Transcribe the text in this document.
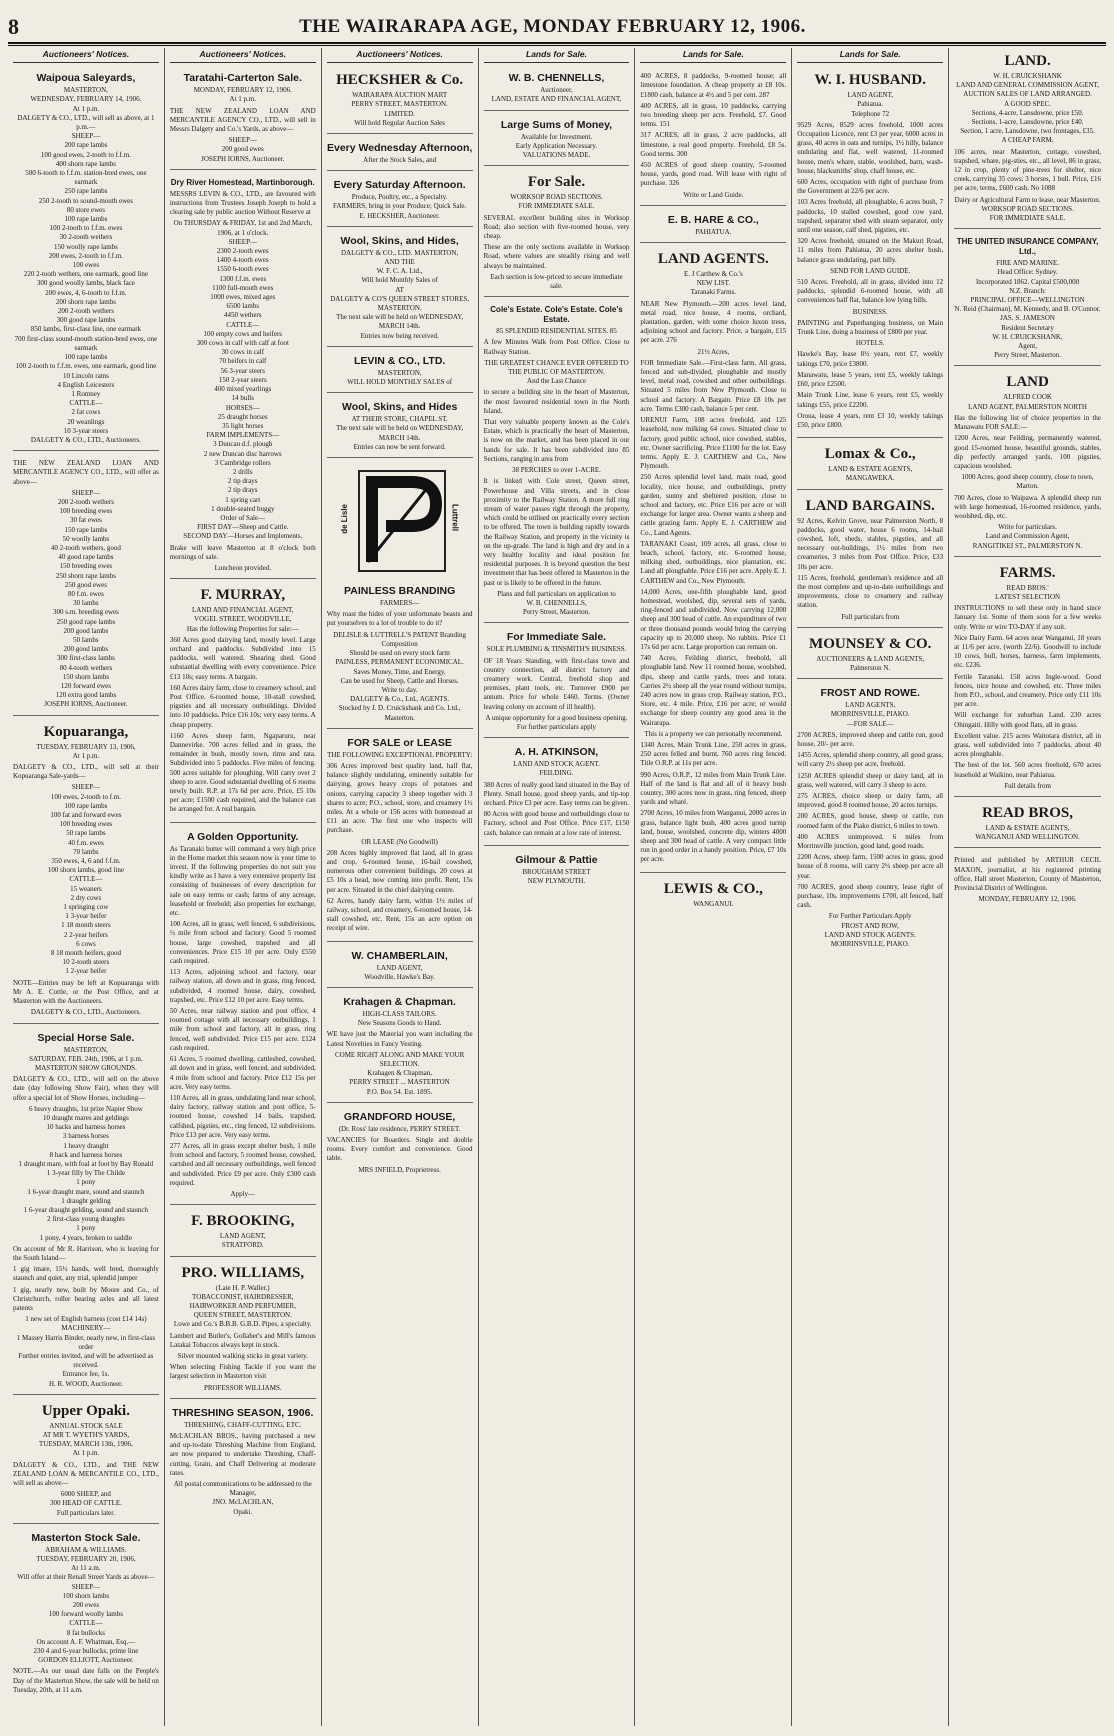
8	THE WAIRARAPA AGE, MONDAY FEBRUARY 12, 1906.
Auctioneers' Notices.
Waipoua Saleyards,
MASTERTON,
WEDNESDAY, FEBRUARY 14, 1906.
At 1 p.m.
DALGETY & CO., LTD., will sell as above, at 1 p.m.—
SHEEP—
200 rape lambs
100 good ewes, 2-tooth to f.f.m.
400 shorn rape lambs
500 6-tooth to f.f.m. station-bred ewes, one earmark
250 rape lambs
250 2-tooth to sound-mouth ewes
80 store ewes
100 rape lambs
100 2-tooth to f.f.m. ewes
30 2-tooth wethers
150 woolly rape lambs
200 ewes, 2-tooth to f.f.m.
100 ewes
220 2-tooth wethers, one earmark, good line
300 good woolly lambs, black face
200 ewes, 4, 6-tooth to f.f.m.
200 shorn rape lambs
200 2-tooth wethers
300 good rape lambs
850 lambs, first-class line, one earmark
700 first-class sound-mouth station-bred ewes, one earmark
100 rape lambs
100 2-tooth to f.f.m. ewes, one earmark, good line
10 Lincoln rams
4 English Leicesters
1 Romney
CATTLE—
2 fat cows
20 weanlings
10 3-year steers
DALGETY & CO., LTD., Auctioneers.
THE NEW ZEALAND LOAN AND MERCANTILE AGENCY CO., LTD., will offer as above—
SHEEP—
200 2-tooth wethers
100 breeding ewes
30 fat ewes
150 rape lambs
50 woolly lambs
40 2-tooth wethers, good
40 good rape lambs
150 breeding ewes
250 shorn rape lambs
250 good ewes
80 f.m. ewes
30 lambs
300 s.m. breeding ewes
250 good rape lambs
200 good lambs
50 lambs
200 good lambs
300 first-class lambs
80 4-tooth wethers
150 shorn lambs
120 forward ewes
120 extra good lambs
JOSEPH IORNS, Auctioneer.
Kopuaranga,
TUESDAY, FEBRUARY 13, 1906,
At 1 p.m.
DALGETY & CO., LTD., will sell at their Kopuaranga Sale-yards—
SHEEP—
100 ewes, 2-tooth to f.m.
100 rape lambs
100 fat and forward ewes
100 breeding ewes
50 rape lambs
40 f.m. ewes
70 lambs
350 ewes, 4, 6 and f.f.m.
100 shorn lambs, good line
CATTLE—
15 weaners
2 dry cows
1 springing cow
1 3-year heifer
1 18 month steers
2 2-year heifers
6 cows
8 18 month heifers, good
10 2-tooth steers
1 2-year heifer
NOTE—Entries may be left at Kopuaranga with Mr A. E. Cottle, or the Post Office, and at Masterton with the Auctioneers.
DALGETY & CO., LTD., Auctioneers.
Special Horse Sale.
MASTERTON,
SATURDAY, FEB. 24th, 1906, at 1 p.m.
MASTERTON SHOW GROUNDS.
DALGETY & CO., LTD., will sell on the above date (day following Show Fair), when they will offer a special lot of Show Horses, including—
6 heavy draughts, 1st prize Napier Show
10 draught mares and geldings
10 hacks and harness horses
3 harness horses
1 heavy draught
8 hack and harness horses
1 draught mare, with foal at foot by Bay Ronald
1 3-year filly by The Childe
1 pony
1 6-year draught mare, sound and staunch
1 draught gelding
1 6-year draught gelding, sound and staunch
2 first-class young draughts
1 pony
1 pony, 4 years, broken to saddle
On account of Mr R. Harrison, who is leaving for the South Island—
1 gig imare, 15½ hands, well bred, thoroughly staunch and quiet, any trial, splendid jumper
1 gig, nearly new, built by Moore and Co., of Christchurch, roller bearing axles and all latest patents
1 new set of English harness (cost £14 14s)
MACHINERY—
1 Massey Harris Binder, nearly new, in first-class order
Further entries invited, and will be advertised as received.
Entrance fee, 1s.
H. R. WOOD, Auctioneer.
Upper Opaki.
ANNUAL STOCK SALE
AT MR T. WYETH'S YARDS,
TUESDAY, MARCH 13th, 1906,
At 1 p.m.
DALGETY & CO., LTD., and THE NEW ZEALAND LOAN & MERCANTILE CO., LTD., will sell as above—
6000 SHEEP, and
300 HEAD OF CATTLE.
Full particulars later.
Masterton Stock Sale.
ABRAHAM & WILLIAMS.
TUESDAY, FEBRUARY 20, 1906,
At 11 a.m.
Will offer at their Renall Street Yards as above—
SHEEP—
100 shorn lambs
200 ewes
100 forward woolly lambs
CATTLE—
8 fat bullocks
On account A. F. Whatman, Esq.—
230 4 and 6-year bullocks, prime line
GORDON ELLIOTT, Auctioneer.
NOTE.—As our usual date falls on the People's Day of the Masterton Show, the sale will be held on Tuesday, 20th, at 11 a.m.
Auctioneers' Notices.
Taratahi-Carterton Sale.
MONDAY, FEBRUARY 12, 1906.
At 1 p.m.
THE NEW ZEALAND LOAN AND MERCANTILE AGENCY CO., LTD., will sell in Messrs Dalgety and Co.'s Yards, as above—
SHEEP—
200 good ewes
JOSEPH IORNS, Auctioneer.
Dry River Homestead, Martinborough.
MESSRS LEVIN & CO., LTD., are favoured with instructions from Trustees Joseph Joseph to hold a clearing sale by public auction Without Reserve at
On THURSDAY & FRIDAY, 1st and 2nd March, 1906, at 1 o'clock.
SHEEP—
2300 2-tooth ewes
1400 4-tooth ewes
1550 6-tooth ewes
1300 f.f.m. ewes
1100 full-mouth ewes
1000 ewes, mixed ages
6500 lambs
4450 wethers
CATTLE—
100 empty cows and heifers
300 cows in calf with calf at foot
30 cows in calf
70 heifers in calf
56 3-year steers
150 2-year steers
400 mixed yearlings
14 bulls
HORSES—
25 draught horses
35 light horses
FARM IMPLEMENTS—
3 Duncan d.f. plough
2 new Duncan disc harrows
3 Cambridge rollers
2 drills
2 tip drays
2 tip drays
1 spring cart
1 double-seated buggy
Order of Sale—
FIRST DAY—Sheep and Cattle.
SECOND DAY—Horses and Implements.
Brake will leave Masterton at 8 o'clock both mornings of sale.
Luncheon provided.
F. MURRAY,
LAND AND FINANCIAL AGENT,
VOGEL STREET, WOODVILLE,
Has the following Properties for sale:—
360 Acres good dairying land, mostly level. Large orchard and paddocks. Subdivided into 15 paddocks, well watered. Shearing shed. Good substantial dwelling with every convenience. Price £13 10s; easy terms. A bargain.
160 Acres dairy farm, close to creamery school, and Post Office. 6-roomed house, 10-stall cowshed, pigsties and all necessary outbuildings. Divided into 10 paddocks. Price £16 10s; very easy terms. A cheap property.
1160 Acres sheep farm, Ngaparuru, near Dannevirke. 700 acres felled and in grass, the remainder in bush, mostly town, rimu and rata. Subdivided into 5 paddocks. Five miles of fencing. 500 acres suitable for ploughing. Will carry over 2 sheep to acre. Good substantial dwelling of 6 rooms newly built. R.P. at 17s 6d per acre. Price, £5 10s per acre; £1500 cash required, and the balance can be arranged for. A real bargain.
A Golden Opportunity.
As Taranaki butter will command a very high price in the Home market this season now is your time to invest. If the following properties do not suit you kindly write as I have a very extensive property list consisting of businesses of every description for sale on easy terms or cash; farms of any acreage, leasehold or freehold; also properties for exchange, etc.
100 Acres, all in grass, well fenced, 6 subdivisions, ½ mile from school and factory. Good 5 roomed house, large cowshed, trapshed and all conveniences. Price £15 10 per acre. Only £550 cash required.
113 Acres, adjoining school and factory, near railway station, all down and in grass, ring fenced, subdivided, 4 roomed house, dairy, cowshed, trapshed, etc. Price £12 10 per acre. Easy terms.
50 Acres, near railway station and post office, 4 roomed cottage with all necessary outbuildings, 1 mile from school and factory, all in grass, ring fenced, well subdivided. Price £15 per acre. £124 cash required.
61 Acres, 5 roomed dwelling, cattleshed, cowshed, all down and in grass, well fenced, and subdivided, 4 mile from school and factory. Price £12 15s per acre. Very easy terms.
110 Acres, all in grass, undulating land near school, dairy factory, railway station and post office, 5-roomed house, cowshed 14 bails, trapshed, calfshed, pigsties, etc., ring fenced, 12 subdivisions. Price £13 per acre. Very easy terms.
277 Acres, all in grass except shelter bush, 1 mile from school and factory, 5 roomed house, cowshed, cartshed and all necessary outbuildings, well fenced and subdivided. Price £9 per acre. Only £300 cash required.
Apply—
F. BROOKING,
LAND AGENT,
STRATFORD.
PRO. WILLIAMS,
(Late H. P. Waller.)
TOBACCONIST, HAIRDRESSER, HAIRWORKER AND PERFUMIER,
QUEEN STREET, MASTERTON.
Lowe and Co.'s B.B.B. G.B.D. Pipes, a specialty.
Lambert and Butler's, Gollaher's and Mill's famous Latakai Tobaccos always kept in stock.
Silver mounted walking sticks in great variety.
When selecting Fishing Tackle if you want the largest selection in Masterton visit
PROFESSOR WILLIAMS.
THRESHING SEASON, 1906.
THRESHING, CHAFF-CUTTING, ETC.
McLACHLAN BROS., having purchased a new and up-to-date Threshing Machine from England, are now prepared to undertake Threshing, Chaff-cutting, Grain, and Chaff Delivering at moderate rates.
All postal communications to be addressed to the Manager,
JNO. McLACHLAN,
Opaki.
Auctioneers' Notices.
HECKSHER & Co.
WAIRARAPA AUCTION MART
PERRY STREET, MASTERTON.
LIMITED.
Will hold Regular Auction Sales
Every Wednesday Afternoon,
After the Stock Sales, and
Every Saturday Afternoon.
Produce, Poultry, etc., a Specialty.
FARMERS, bring in your Produce; Quick Sale.
E. HECKSHER, Auctioneer.
Wool, Skins, and Hides,
DALGETY & CO., LTD. MASTERTON,
AND THE
W. F. C. A. Ltd.,
Will hold Monthly Sales of
AT
DALGETY & CO'S QUEEN STREET STORES, MASTERTON.
The next sale will be held on WEDNESDAY, MARCH 14th.
Entries now being received.
LEVIN & CO., LTD.
MASTERTON,
WILL HOLD MONTHLY SALES of
Wool, Skins, and Hides
AT THEIR STORE, CHAPEL ST.
The next sale will be held on WEDNESDAY, MARCH 14th.
Entries can now be sent forward.
de Lisle	Luttrell
PAINLESS BRANDING
FARMERS—
Why roast the hides of your unfortunate beasts and put yourselves to a lot of trouble to do it?
DELISLE & LUTTRELL'S PATENT Branding Composition
Should be used on every stock farm
PAINLESS, PERMANENT ECONOMICAL.
Saves Money, Time, and Energy.
Can be used for Sheep, Cattle and Horses.
Write to day.
DALGETY & Co., Ltd., AGENTS.
Stocked by J. D. Cruickshank and Co. Ltd., Masterton.
FOR SALE or LEASE
THE FOLLOWING EXCEPTIONAL PROPERTY:
306 Acres improved best quality land, half flat, balance slightly undulating, eminently suitable for dairying, grows heavy crops of potatoes and onions, carrying capacity 3 sheep together with 3 shares to acre; P.O., school, store, and creamery 1½ miles. At a whole or 156 acres with homestead at £11 an acre. The first one who inspects will purchase.
OR LEASE (No Goodwill)
208 Acres highly improved flat land, all in grass and crop, 6-roomed house, 16-bail cowshed, numerous other convenient buildings, 20 cows at £5 10s a head, now coming into profit. Rent, 15s per acre. Situated in the chief dairying centre.
62 Acres, handy dairy farm, within 1½ miles of railway, school, and creamery, 6-roomed house, 14-stall cowshed, etc. Rent, 15s an acre option on receipt of wire.
W. CHAMBERLAIN,
LAND AGENT,
Woodville, Hawke's Bay.
Krahagen & Chapman.
HIGH-CLASS TAILORS.
New Seasons Goods to Hand.
WE have just the Material you want including the Latest Novelties in Fancy Vesting.
COME RIGHT ALONG AND MAKE YOUR SELECTION.
Krahagen & Chapman,
PERRY STREET ... MASTERTON
P.O. Box 54. Est. 1895.
GRANDFORD HOUSE,
(Dr. Ross' late residence, PERRY STREET.
VACANCIES for Boarders. Single and double rooms. Every comfort and convenience. Good table.
MRS INFIELD, Proprietress.
Lands for Sale.
W. B. CHENNELLS,
Auctioneer,
LAND, ESTATE AND FINANCIAL AGENT,
Large Sums of Money,
Available for Investment.
Early Application Necessary.
VALUATIONS MADE.
For Sale.
WORKSOP ROAD SECTIONS.
FOR IMMEDIATE SALE.
SEVERAL excellent building sites in Worksop Road; also section with five-roomed house, very cheap.
These are the only sections available in Worksop Road, where values are steadily rising and well always be maintained.
Each section is low-priced to secure immediate sale.
Cole's Estate. Cole's Estate. Cole's Estate.
85 SPLENDID RESIDENTIAL SITES. 85
A few Minutes Walk from Post Office. Close to Railway Station.
THE GREATEST CHANCE EVER OFFERED TO THE PUBLIC OF MASTERTON.
And the Last Chance
to secure a building site in the heart of Masterton, the most favoured residential town in the North Island.
That very valuable property known as the Cole's Estate, which is practically the heart of Masterton, is now on the market, and has been placed in our hands for sale. It has been subdivided into 85 Sections, ranging in area from
38 PERCHES to over 1-ACRE.
It is linked with Cole street, Queen street, Powerhouse and Villa streets, and in close proximity to the Railway Station. A more full ring stream of water passes right through the property, which could be utilised on practically every section to be offered. The town is building rapidly towards the Railway Station, and property in the vicinity is on the up-grade. The land is high and dry and in a very healthy locality and ideal position for residential purposes. It is beyond question the best investment that has been offered in Masterton in the past or is likely to be offered in the future.
Plans and full particulars on application to
W. B. CHENNELLS,
Perry Street, Masterton.
For Immediate Sale.
SOLE PLUMBING & TINSMITH'S BUSINESS.
OF 18 Years Standing, with first-class town and country connection, all district factory and creamery work. Central, freehold shop and premises, plant tools, etc. Turnover £900 per annum. Price for whole £460. Terms. (Owner leaving colony on account of ill health).
A unique opportunity for a good business opening.
For further particulars apply
A. H. ATKINSON,
LAND AND STOCK AGENT.
FEILDING.
380 Acres of really good land situated in the Bay of Plenty. Small house, good sheep yards, and tip-top orchard. Price £3 per acre. Easy terms can be given.
80 Acres with good house and outbuildings close to Factory, school and Post Office. Price £17, £150 cash, balance can remain at a low rate of interest.
Gilmour & Pattie
BROUGHAM STREET
NEW PLYMOUTH.
Lands for Sale.
400 ACRES, 8 paddocks, 9-roomed house; all limestone foundation. A cheap property at £8 10s. £1800 cash, balance at 4½ and 5 per cent. 287
400 ACRES, all in grass, 10 paddocks, carrying two breeding sheep per acre. Freehold, £7. Good terms. 151
317 ACRES, all in grass, 2 acre paddocks, all limestone, a real good property. Freehold, £8 5s. Good terms. 300
450 ACRES of good sheep country, 5-roomed house, yards, good road. Will lease with right of purchase. 326
Write or Land Guide.
E. B. HARE & CO.,
PAHIATUA.
LAND AGENTS.
E. J Carthew & Co.'s
NEW LIST.
Taranaki Farms.
NEAR New Plymouth.—200 acres level land, metal road, nice house, 4 rooms, orchard, plantation, garden, with some choice luxon trees, adjoining school and factory. Price, a bargain, £15 per acre. 276
21½ Acres,
FOR Immediate Sale.—First-class farm. All grass, fenced and sub-divided, ploughable and mostly level, metal road, cowshed and other outbuildings. Situated 5 miles from New Plymouth. Close to school and factory. A Bargain. Price £8 10s per acre. Terms £300 cash, balance 5 per cent.
URENUI Farm, 108 acres freehold, and 125 leasehold, now milking 64 cows. Situated close to factory, good public school, nice cowshed, stables, etc. Owner sacrificing. Price £1100 for the lot. Easy terms. Apply E. J. CARTHEW and Co., New Plymouth.
250 Acres splendid level land, main road, good locality, nice house, and outbuildings, pretty garden, sunny and sheltered position, close to school and factory, etc. Price £16 per acre or will exchange for larger area. Owner wants a sheep and cattle grazing farm. Apply E. J. CARTHEW and Co., Land Agents.
TARANAKI Coast, 109 acres, all grass, close to beach, school, factory, etc. 6-roomed house, milking shed, outbuildings, nice plantation, etc. Land all ploughable. Price £16 per acre. Apply E. J. CARTHEW and Co., New Plymouth.
14,000 Acres, one-fifth ploughable land, good homestead, woolshed, dip, several sets of yards, ring-fenced and subdivided. Now carrying 12,000 sheep and 300 head of cattle. An expenditure of two or three thousand pounds would bring the carrying capacity up to 20,000 sheep. No rabbits. Price £1 17s 6d per acre. Large proportion can remain on.
740 Acres, Feilding district, freehold, all ploughable land. New 11 roomed house, woolshed, dips, sheep and cattle yards, trees and totara. Carries 2½ sheep all the year round without turnips, 240 acres now in grass crop. Railway station, P.O., Store, etc. 4 mile. Price, £16 per acre; or would exchange for sheep country any good area in the Wairarapa.
This is a property we can personally recommend.
1340 Acres, Main Trunk Line, 250 acres in grass, 250 acres felled and burnt, 760 acres ring fenced. Title O.R.P. at 11s per acre.
990 Acres, O.R.P., 12 miles from Main Trunk Line. Half of the land is flat and all of it heavy bush country, 300 acres now in grass, ring fenced, sheep yards and wharé.
2700 Acres, 10 miles from Wanganui, 2000 acres in grass, balance light bush, 400 acres good turnip land, house, woolshed, concrete dip, winters 4000 sheep and 300 head of cattle. A very compact little run in good order in a handy position. Price, £7 10s per acre.
LEWIS & CO.,
WANGANUI.
Lands for Sale.
W. I. HUSBAND.
LAND AGENT,
Pahiatua.
Telephone 72
9529 Acres, 8529 acres freehold, 1000 acres Occupation Licence, rent £3 per year, 6000 acres in grass, 40 acres in oats and turnips, 1½ hilly, balance undulating and flat, well watered, 11-roomed house, men's whare, stable, woolshed, barn, wash-house, blacksmiths' shop, chaff house, etc.
600 Acres, occupation with right of purchase from the Government at 22/6 per acre.
103 Acres freehold, all ploughable, 6 acres bush, 7 paddocks, 10 stalled cowshed, good cow yard, trapshed, separator shed with steam separator, only until one season, calf shed, pigsties, etc.
320 Acres freehold, situated on the Makuri Road, 11 miles from Pahiatua, 20 acres shelter bush, balance grass undulating, part hilly.
SEND FOR LAND GUIDE.
510 Acres. Freehold, all in grass, divided into 12 paddocks, splendid 6-roomed house, with all conveniences half flat, balance low lying hills.
BUSINESS.
PAINTING and Paperhanging business, on Main Trunk Line, doing a business of £800 per year.
HOTELS.
Hawke's Bay, lease 8½ years, rent £7, weekly takings £70, price £3800.
Manawatu, lease 5 years, rent £5, weekly takings £60, price £2500.
Main Trunk Line, lease 6 years, rent £5, weekly takings £55, price £2200.
Oroua, lease 4 years, rent £3 10, weekly takings £50, price £800.
Lomax & Co.,
LAND & ESTATE AGENTS,
MANGAWEKA.
LAND BARGAINS.
92 Acres, Kelvin Grove, near Palmerston North, 8 paddocks, good water, house 6 rooms, 14-bail cowshed, loft, sheds, stables, pigsties, and all necessary out-buildings, 1½ miles from two creameries, 3 miles from Post Office. Price, £33 10s per acre.
115 Acres, freehold, gentleman's residence and all the most complete and up-to-date outbuildings and improvements, close to creamery and railway station.
Full particulars from
MOUNSEY & CO.
AUCTIONEERS & LAND AGENTS,
Palmerston N.
FROST AND ROWE.
LAND AGENTS,
MORRINSVILLE, PIAKO.
—FOR SALE—
2700 ACRES, improved sheep and cattle run, good house, 20/- per acre.
1455 Acres, splendid sheep country, all good grass, will carry 2½ sheep per acre, freehold.
1250 ACRES splendid sheep or dairy land, all in grass, well watered, will carry 3 sheep to acre.
275 ACRES, choice sheep or dairy farm, all improved, good 8 roomed house, 20 acres turnips.
200 ACRES, good house, sheep or cattle, run roomed farm of the Piako district, 6 miles to town.
400 ACRES unimproved. 6 miles from Morrinsville junction, good land, good roads.
2200 Acres, sheep farm, 1500 acres in grass, good house of 8 rooms, will carry 2½ sheep per acre all year.
700 ACRES, good sheep country, lease right of purchase, 10s. improvements £700, all fenced, half cash.
For Further Particulars Apply
FROST AND ROW,
LAND AND STOCK AGENTS.
MORRINSVILLE, PIAKO.
LAND.
W. H. CRUICKSHANK
LAND AND GENERAL COMMISSION AGENT,
AUCTION SALES OF LAND ARRANGED.
A GOOD SPEC.
Sections, 4-acre, Lansdowne, price £50.
Sections, 1-acre, Lansdowne, price £40.
Section, 1 acre, Lansdowne, two frontages, £35.
A CHEAP FARM.
106 acres, near Masterton, cottage, cowshed, trapshed, whare, pig-sties, etc., all level, 86 in grass, 12 in crop, plenty of pine-trees for shelter, nice creek, carrying 35 cows, 3 horses, 1 bull. Price, £16 per acre, terms, £600 cash. No 1088
Dairy or Agricultural Farm to lease, near Masterton.
WORKSOP ROAD SECTIONS.
FOR IMMEDIATE SALE.
THE UNITED INSURANCE COMPANY, Ltd.,
FIRE AND MARINE.
Head Office: Sydney.
Incorporated 1862. Capital £500,000
N.Z. Branch:
PRINCIPAL OFFICE—WELLINGTON
N. Reid (Chairman), M. Kennedy, and B. O'Connor.
JAS. S. JAMESON
Resident Secretary
W. H. CRUICKSHANK,
Agent,
Perry Street, Masterton.
LAND
ALFRED COOK
LAND AGENT, PALMERSTON NORTH
Has the following list of choice properties in the Manawatu FOR SALE:—
1200 Acres, near Feilding, permanently watered, good 15-roomed house, beautiful grounds, stables, dip perfectly arranged yards, 100 pigsties, capacious woolshed.
1000 Acres, good sheep country, close to town, Marton.
700 Acres, close to Waipawa. A splendid sheep run with large homestead, 16-roomed residence, yards, woolshed, dip, etc.
Write for particulars.
Land and Commission Agent,
RANGITIKEI ST., PALMERSTON N.
FARMS.
READ BROS.'
LATEST SELECTION
INSTRUCTIONS to sell these only in hand since January 1st. Some of them soon for a few weeks only. Write or wire TO-DAY if any suit.
Nice Dairy Farm. 64 acres near Wanganui, 18 years at 11/6 per acre, (worth 22/6). Goodwill to include 10 cows, bull, horses, harness, farm implements, etc. £236.
Fertile Taranaki. 158 acres Ingle-wood. Good fences, nice house and cowshed, etc. Three miles from P.O., school, and creamery. Price only £11 10s per acre.
Will exchange for suburban Land. 230 acres Ohingaiti. Hilly with good flats, all in grass.
Excellent value. 215 acres Waitotara district, all in grass, well subdivided into 7 paddocks, about 40 acres ploughable.
The best of the lot. 560 acres freehold, 670 acres leasehold at Waikino, near Pahiatua.
Full details from
READ BROS,
LAND & ESTATE AGENTS,
WANGANUI AND WELLINGTON.
Printed and published by ARTHUR CECIL MAXON, journalist, at his registered printing office, Hall street Masterton, County of Masterton, Provincial District of Wellington.
MONDAY, FEBRUARY 12, 1906.
